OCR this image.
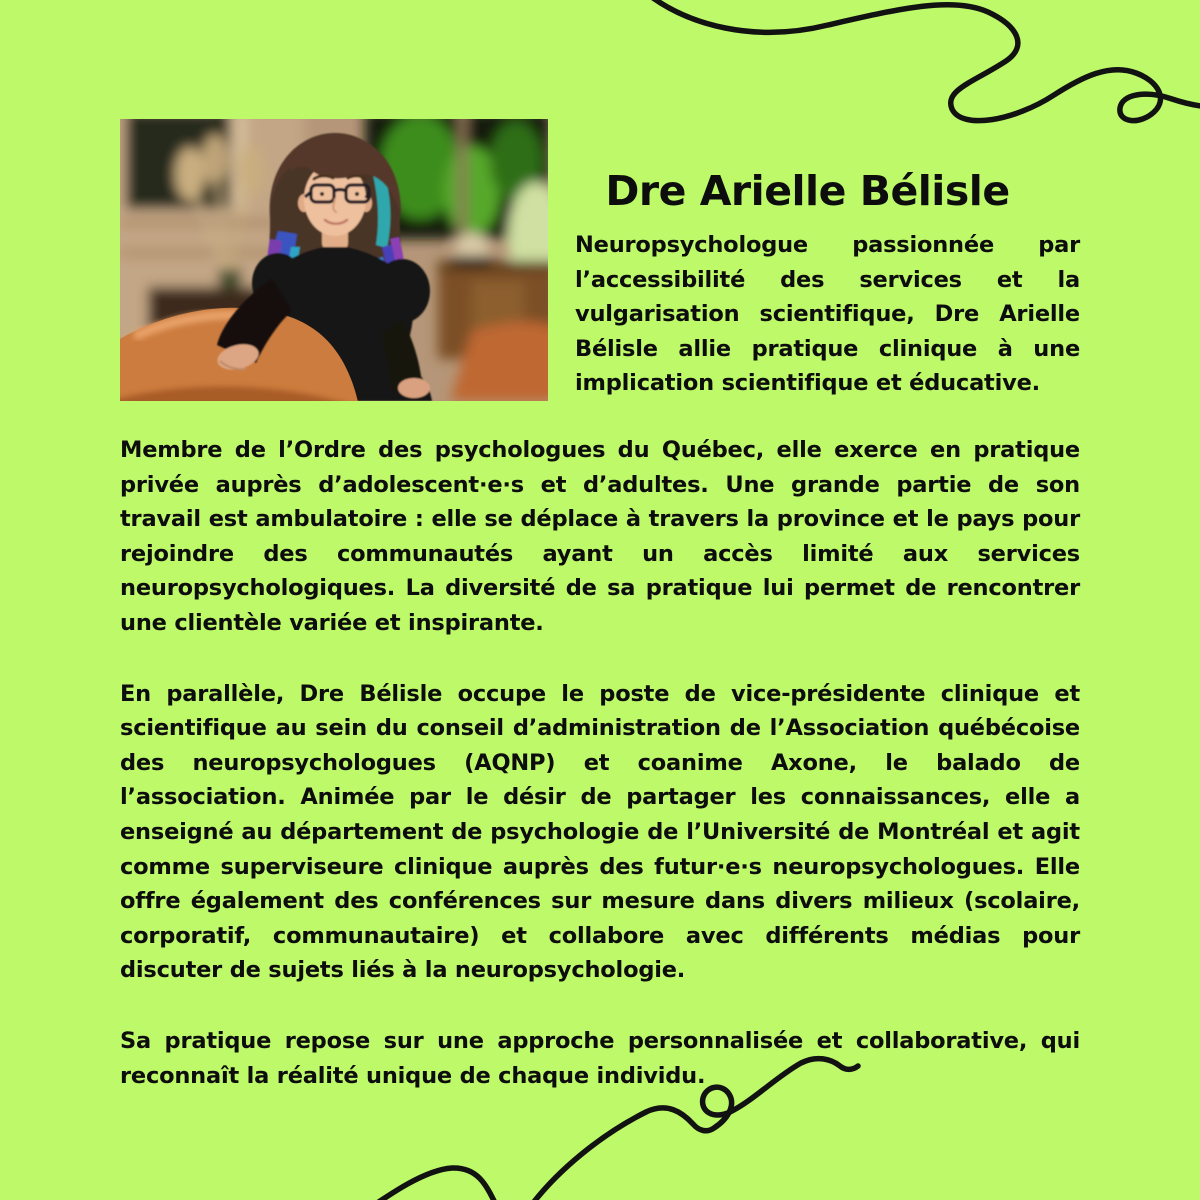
Dre Arielle Bélisle
Neuropsychologue passionnée par l’accessibilité des services et la vulgarisation scientifique, Dre Arielle Bélisle allie pratique clinique à une implication scientifique et éducative.

Membre de l’Ordre des psychologues du Québec, elle exerce en pratique privée auprès d’adolescent·e·s et d’adultes. Une grande partie de son travail est ambulatoire : elle se déplace à travers la province et le pays pour rejoindre des communautés ayant un accès limité aux services neuropsychologiques. La diversité de sa pratique lui permet de rencontrer une clientèle variée et inspirante.

En parallèle, Dre Bélisle occupe le poste de vice-présidente clinique et scientifique au sein du conseil d’administration de l’Association québécoise des neuropsychologues (AQNP) et coanime Axone, le balado de l’association. Animée par le désir de partager les connaissances, elle a enseigné au département de psychologie de l’Université de Montréal et agit comme superviseure clinique auprès des futur·e·s neuropsychologues. Elle offre également des conférences sur mesure dans divers milieux (scolaire, corporatif, communautaire) et collabore avec différents médias pour discuter de sujets liés à la neuropsychologie.

Sa pratique repose sur une approche personnalisée et collaborative, qui reconnaît la réalité unique de chaque individu.
